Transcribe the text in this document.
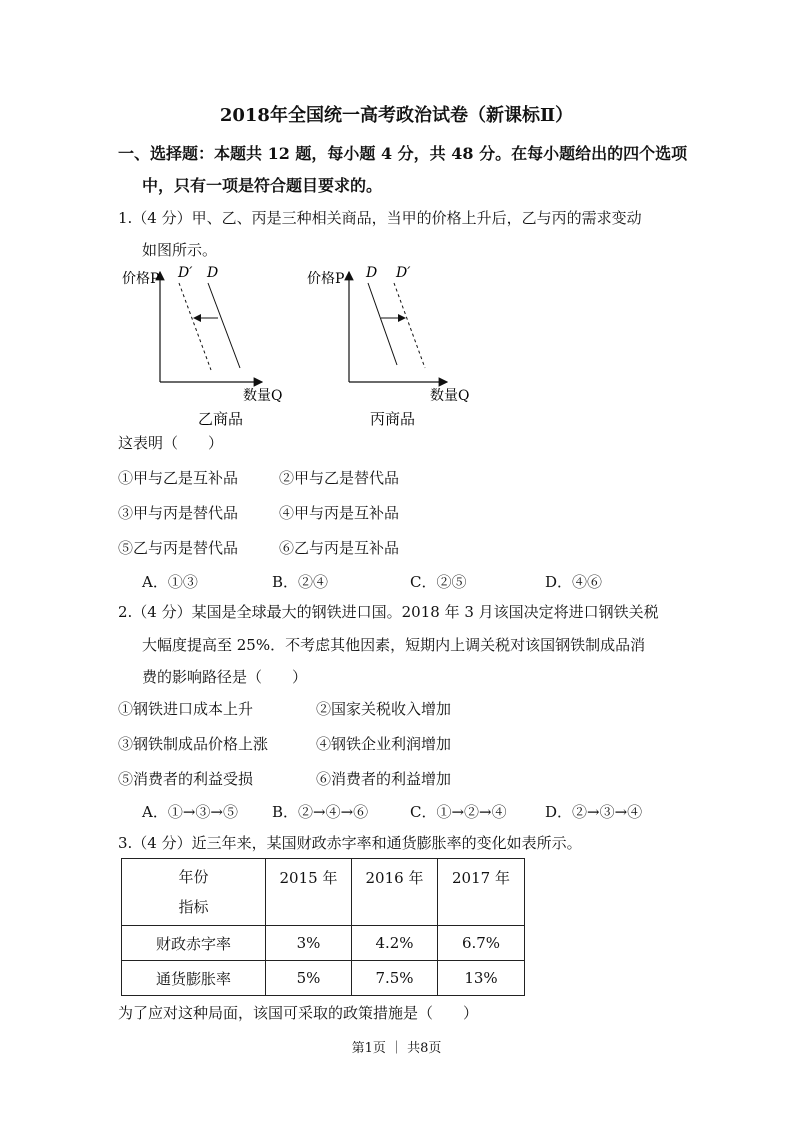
2018年全国统一高考政治试卷（新课标Ⅱ）
一、选择题：本题共 12 题，每小题 4 分，共 48 分。在每小题给出的四个选项
中，只有一项是符合题目要求的。
1.（4 分）甲、乙、丙是三种相关商品，当甲的价格上升后，乙与丙的需求变动
如图所示。
价格P D′ D
数量Q
乙商品
价格P D D′
数量Q
丙商品
这表明（　　）
①甲与乙是互补品	②甲与乙是替代品
③甲与丙是替代品	④甲与丙是互补品
⑤乙与丙是替代品	⑥乙与丙是互补品
A．①③	B．②④	C．②⑤	D．④⑥
2.（4 分）某国是全球最大的钢铁进口国。2018 年 3 月该国决定将进口钢铁关税
大幅度提高至 25%．不考虑其他因素，短期内上调关税对该国钢铁制成品消
费的影响路径是（　　）
①钢铁进口成本上升	②国家关税收入增加
③钢铁制成品价格上涨	④钢铁企业利润增加
⑤消费者的利益受损	⑥消费者的利益增加
A．①→③→⑤ B．②→④→⑥	C．①→②→④	D．②→③→④
3.（4 分）近三年来，某国财政赤字率和通货膨胀率的变化如表所示。
年份
指标	2015 年	2016 年	2017 年
财政赤字率	3%	4.2%	6.7%
通货膨胀率	5%	7.5%	13%
为了应对这种局面，该国可采取的政策措施是（　　）
第1页 ｜ 共8页
